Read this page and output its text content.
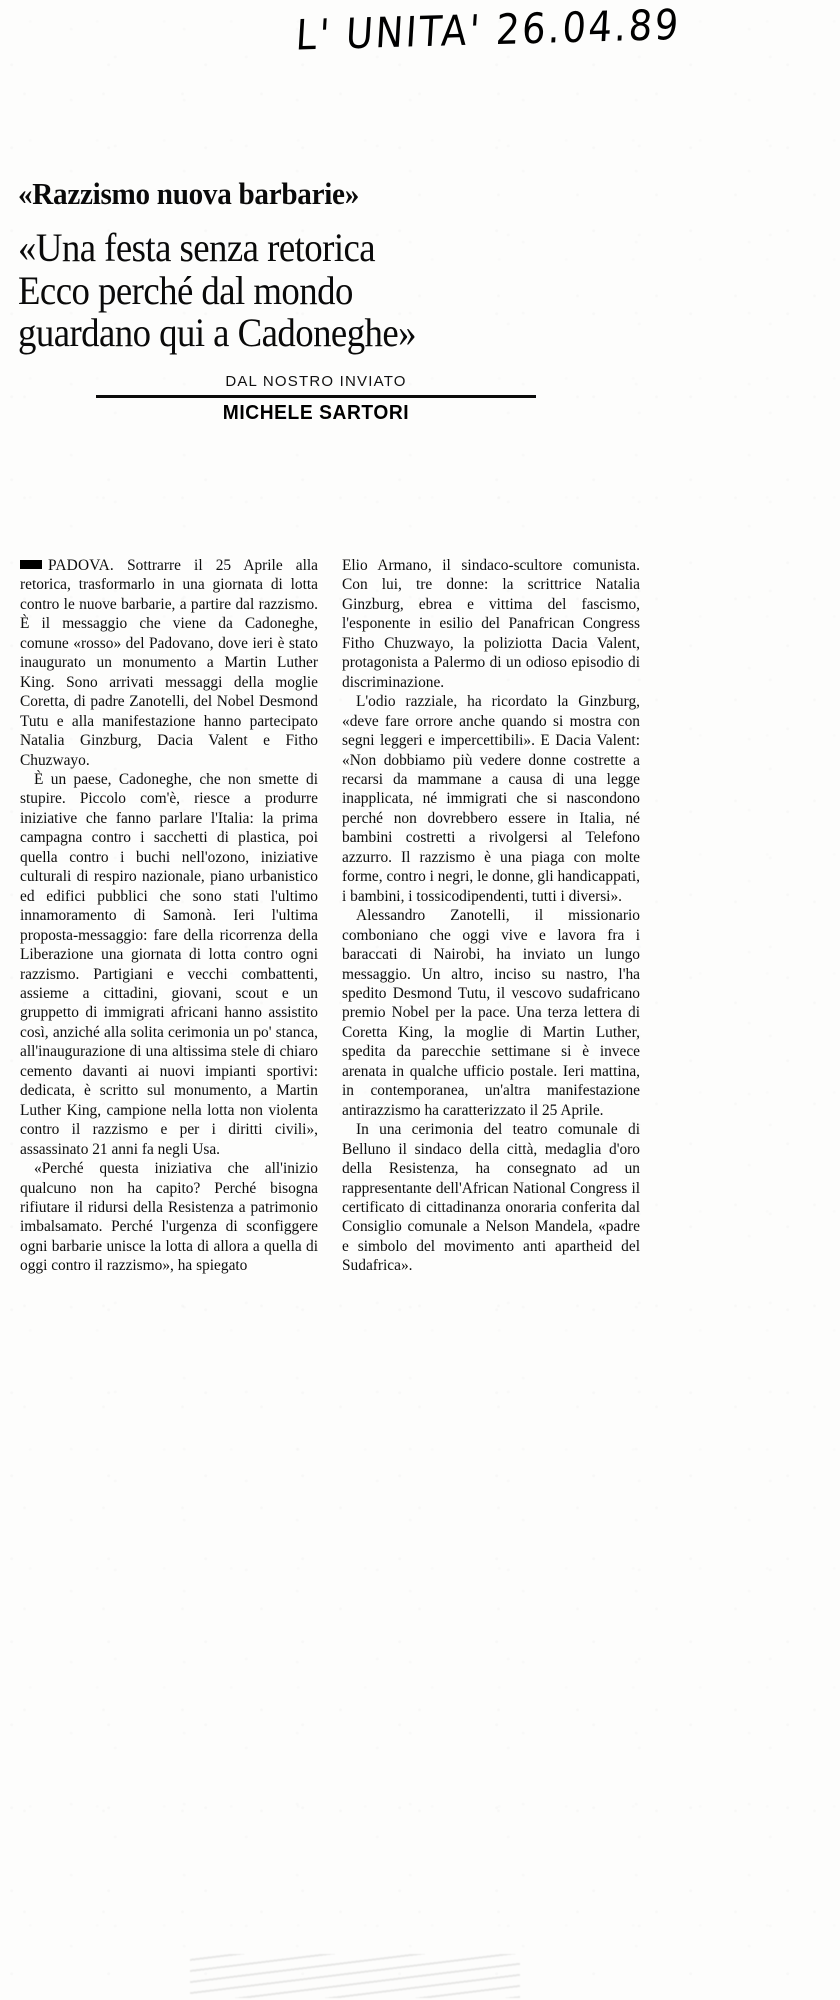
L' UNITA' 26.04.89
«Razzismo nuova barbarie»
«Una festa senza retorica
Ecco perché dal mondo
guardano qui a Cadoneghe»
DAL NOSTRO INVIATO
MICHELE SARTORI

PADOVA. Sottrarre il 25 Aprile alla retorica, trasformarlo in una giornata di lotta contro le nuove barbarie, a partire dal razzismo. È il messaggio che viene da Cadoneghe, comune «rosso» del Padovano, dove ieri è stato inaugurato un monumento a Martin Luther King. Sono arrivati messaggi della moglie Coretta, di padre Zanotelli, del Nobel Desmond Tutu e alla manifestazione hanno partecipato Natalia Ginzburg, Dacia Valent e Fitho Chuzwayo.

È un paese, Cadoneghe, che non smette di stupire. Piccolo com'è, riesce a produrre iniziative che fanno parlare l'Italia: la prima campagna contro i sacchetti di plastica, poi quella contro i buchi nell'ozono, iniziative culturali di respiro nazionale, piano urbanistico ed edifici pubblici che sono stati l'ultimo innamoramento di Samonà. Ieri l'ultima proposta-messaggio: fare della ricorrenza della Liberazione una giornata di lotta contro ogni razzismo. Partigiani e vecchi combattenti, assieme a cittadini, giovani, scout e un gruppetto di immigrati africani hanno assistito così, anziché alla solita cerimonia un po' stanca, all'inaugurazione di una altissima stele di chiaro cemento davanti ai nuovi impianti sportivi: dedicata, è scritto sul monumento, a Martin Luther King, campione nella lotta non violenta contro il razzismo e per i diritti civili», assassinato 21 anni fa negli Usa.

«Perché questa iniziativa che all'inizio qualcuno non ha capito? Perché bisogna rifiutare il ridursi della Resistenza a patrimonio imbalsamato. Perché l'urgenza di sconfiggere ogni barbarie unisce la lotta di allora a quella di oggi contro il razzismo», ha spiegato

Elio Armano, il sindaco-scultore comunista. Con lui, tre donne: la scrittrice Natalia Ginzburg, ebrea e vittima del fascismo, l'esponente in esilio del Panafrican Congress Fitho Chuzwayo, la poliziotta Dacia Valent, protagonista a Palermo di un odioso episodio di discriminazione.

L'odio razziale, ha ricordato la Ginzburg, «deve fare orrore anche quando si mostra con segni leggeri e impercettibili». E Dacia Valent: «Non dobbiamo più vedere donne costrette a recarsi da mammane a causa di una legge inapplicata, né immigrati che si nascondono perché non dovrebbero essere in Italia, né bambini costretti a rivolgersi al Telefono azzurro. Il razzismo è una piaga con molte forme, contro i negri, le donne, gli handicappati, i bambini, i tossicodipendenti, tutti i diversi».

Alessandro Zanotelli, il missionario comboniano che oggi vive e lavora fra i baraccati di Nairobi, ha inviato un lungo messaggio. Un altro, inciso su nastro, l'ha spedito Desmond Tutu, il vescovo sudafricano premio Nobel per la pace. Una terza lettera di Coretta King, la moglie di Martin Luther, spedita da parecchie settimane si è invece arenata in qualche ufficio postale. Ieri mattina, in contemporanea, un'altra manifestazione antirazzismo ha caratterizzato il 25 Aprile.

In una cerimonia del teatro comunale di Belluno il sindaco della città, medaglia d'oro della Resistenza, ha consegnato ad un rappresentante dell'African National Congress il certificato di cittadinanza onoraria conferita dal Consiglio comunale a Nelson Mandela, «padre e simbolo del movimento anti apartheid del Sudafrica».
